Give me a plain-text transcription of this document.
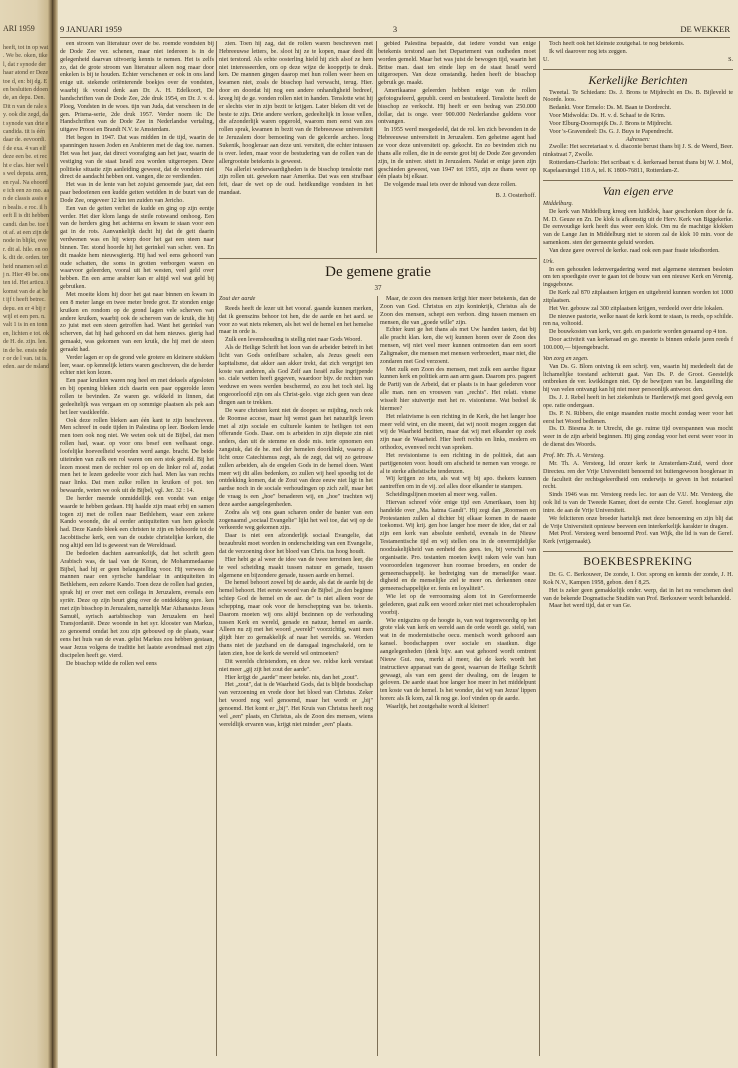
ARI 1959
heeft, tot in op wat . We be. oken, tikel, dat r synode der haar atond er Deze toe d, en: bij dg. Een besluiten ddoende, an depu. Den. Dit n van de rale sy. ook die zegd, dat synode van drie ecandida. tit is één daar de. eevoordi. f de exa. 4 van elf deze een be. et recht e clas. hier wel is wel deputa. aren, en ryal. Na ehoorde ich een zo mo. aan de classis assis en bealis. e roc. il heeft ll is dit hebben candi. dan be. toe tot af. at een zijn de node in blijkt, over. dit al. hile. en ook. dit de. orden. terheid nnamen sel zij n. Hier 49 be. onsten id. Het articu. ikomst van de at het ijf t heeft betrec. depu. en er 4 bij rwijl et een pen. n. valt 1 is in en tonnen, lichten e tot. ok de H. de. zijn. len. in de be. ensis nder or de l van. ist is. eden. aar de nsland
9 JANUARI 1959	3	DE WEKKER

een stroom van literatuur over de be. roemde vondsten bij de Dode Zee ver. schenen, maar niet iedereen is in de gelegenheid daarvan uitvoerig kennis te nemen. Het is zelfs zo, dat de grote stroom van literatuur alleen nog maar door enkelen is bij te houden. Echter verschenen er ook in ons land enige uit. stekende oriënterende boekjes over de vondsten, waarbij ik vooral denk aan Dr. A. H. Edelkoort, De handschriften van de Dode Zee, 2de druk 1954, en Dr. J. v. d. Ploeg, Vondsten in de woes. tijn van Juda, dat verscheen in de gen. Prisma-serie, 2de druk 1957. Verder noem ik: De Handschriften van de Dode Zee in Nederlandse vertaling, uitgave Proost en Brandt N.V. te Amsterdam.

Het begon in 1947. Dat was midden in de tijd, waarin de spanningen tussen Joden en Arabieren met de dag toe. namen. Het was het jaar, dat direct voorafging aan het jaar, waarin de vestiging van de staat Israël zou worden uitgeroepen. Deze politieke situatie zijn aanleiding geweest, dat de vondsten niet direct de aandacht hebben ont. vangen, die ze verdienden.

Het was in de lente van het zojuist genoemde jaar, dat een paar bedoeïenen een kudde geiten weidden in de buurt van de Dode Zee, ongeveer 12 km ten zuiden van Jericho.

Een van de geiten verliet de kudde en ging op zijn eentje verder. Het dier klom langs de steile rotswand omhoog. Een van de herders ging het achterna en kwam te staan voor een gat in de rots. Aanvankelijk dacht hij dat de geit daarin verdwenen was en hij wierp door het gat een steen naar binnen. Ter. stond hoorde hij het gerinkel van scher. ven. En dit maakte hem nieuwsgierig. Hij had wel eens gehoord van oude schatten, die soms in grotten verborgen waren en waarvoor geleerden, vooral uit het westen, veel geld over hebben. En een arme arabier kan er altijd wel wat geld bij gebruiken.

Met moeite klom hij door het gat naar binnen en kwam in een 8 meter lange en twee meter brede grot. Er stonden enige kruiken en rondom op de grond lagen vele scherven van andere kruiken, waarbij ook de scherven van de kruik, die hij zo juist met een steen getroffen had. Want het gerinkel van scherven, dat hij had gehoord en dat hem nieuws. gierig had gemaakt, was gekomen van een kruik, die hij met de steen geraakt had.

Verder lagen er op de grond vele grotere en kleinere stukken leer, waar. op kennelijk letters waren geschreven, die de herder echter niet kon lezen.

Een paar kruiken waren nog heel en met deksels afgesloten en bij opening bleken zich daarin een paar opgerolde leren rollen te bevinden. Ze waren ge. wikkeld in linnen, dat gedeeltelijk was vergaan en op sommige plaatsen als pek aan het leer vastkleefde.

Ook deze rollen bleken aan één kant te zijn beschreven. Men schreef in oude tijden in Palestina op leer. Boeken lende men toen ook nog niet. We weten ook uit de Bijbel, dat men rollen had, waar. op voor ons besef een welhaast onge. loofelijke hoeveelheid woorden werd aange. bracht. De beide uiteinden van zulk een rol waren om een stok geneld. Bij het lezen moest men de rechter rol op en de linker rol af, zodat men het te lezen gedeelte voor zich had. Men las van rechts naar links. Dat men zulke rollen in kruiken of pot. ten bewaarde, weten we ook uit de Bijbel, vgl. Jer. 32 : 14.

De herder meende onmiddellijk een vondst van enige waarde te hebben gedaan. Hij haalde zijn maat erbij en samen togen zij met de rollen naar Bethlehem, waar een zekere Kando woonde, die al eerder antiquiteiten van hen gekocht had. Deze Kando bleek een christen te zijn en behoorde tot de Jacobitische kerk, een van de oudste christelijke kerken, die nog altijd een lid is geweest van de Wereldraad.

De bedoeïen dachten aanvankelijk, dat het schrift geen Arabisch was, de taal van de Koran, de Mohammedaanse Bijbel, had hij er geen belangstelling voor. Hij verwees de mannen naar een syrische handelaar in antiquiteiten in Bethlehem, een zekere Kando. Toen deze de rollen had gezien, sprak hij er over met een collega in Jeruzalem, evenals een syriër. Deze op zijn beurt ging over de ontdekking spre. ken met zijn bisschop in Jeruzalem, namelijk Mar Athanasius Jesus Samuël, syrisch aartsbisschop van Jeruzalem en heel Transjordanië. Deze woonde in het syr. klooster van Markus, zo genoemd omdat het zou zijn gebouwd op de plaats, waar eens het huis van de evan. gelist Markus zou hebben gestaan, waar Jezus volgens de traditie het laatste avondmaal met zijn discipelen heeft ge. vierd.

De bisschop wilde de rollen wel eens

zien. Toen hij zag, dat de rollen waren beschreven met Hebreeuwse letters, be. sloot hij ze te kopen, maar deed dit niet terstond. Als echte oosterling hield hij zich alsof ze hem niet interesseerden, om op deze wijze de koopprijs te druk. ken. De mannen gingen daarop met hun rollen weer heen en kwamen niet, zoals de bisschop had verwacht, terug. Hier. door en doordat hij nog een andere onhandigheid bedreef, kreeg hij de ge. vonden rollen niet in handen. Tenslotte wist hij er slechts vier in zijn bezit te krijgen. Later bleken dit vet de beste te zijn. Drie andere werken, gedeeltelijk in losse vellen, die afzonderlijk waren opgerold, waarom men eerst van zes rollen sprak, kwamen in bezit van de Hebreeuwse universiteit te Jeruzalem door bemoeiing van de gelcerde archeo. loog Sukenik, hoogleraar aan deze uni. versiteit, die echter intussen is over. leden, maar voor de bestudering van de rollen van de allergrootste betekenis is geweest.

Na allerlei wederwaardigheden is de bisschop tenslotte met zijn rollen uit. geweken naar Amerika. Dat was een strafbaar feit, daar de wet op de oud. heidkundige vondsten in het mandaat.

gebied Palestina bepaalde, dat iedere vondst van enige betekenis terstond aan het Departement van oudheden moet worden gemeld. Maar het was juist de bewogen tijd, waarin het Britse man. daat ten einde liep en de staat Israël werd uitgeroepen. Van deze omstandig. heden heeft de bisschop gebruik ge. maakt.

Amerikaanse geleerden hebben enige van de rollen gefotografeerd, gepubli. ceerd en bestudeerd. Tenslotte heeft de bisschop ze verkocht. Hij heeft er een bedrag van 250.000 dollar, dat is onge. veer 900.000 Nederlandse guldens voor ontvangen.

In 1955 werd meegedeeld, dat de rol. len zich bevonden in de Hebreeuwse universiteit in Jeruzalem. Een geheime agent had ze voor deze universiteit op. gekocht. En zo bevinden zich nu thans alle rollen, die in de eerste grot bij de Dode Zee gevonden zijn, in de univer. siteit in Jeruzalem. Nadat er enige jaren zijn geschieden geweest, van 1947 tot 1955, zijn ze thans weer op één plaats bij elkaar.

De volgende maal iets over de inhoud van deze rollen.

B. J. Oosterhoff.
De gemene gratie
37

Zout der aarde

Reeds heeft de lezer uit het vooraf. gaande kunnen merken, dat ik geenszins behoor tot hen, die de aarde en het aard. se voor zo wat niets rekenen, als het wel de hemel en het hemelse maar in orde is.

Zulk een levenshouding is stellig niet naar Gods Woord.

Als de Heilige Schrift het loon van de arbeider betreft in het licht van Gods onfeilbare schalen, als Jezus geselt een kapitalisme, dat akker aan akker trekt, dat zich vergrijpt ten koste van anderen, als God Zelf aan Israël zulke ingrijpende so. ciale wetten heeft gegeven, waardoor bijv. de rechten van weduwe en wees werden beschermd, zo zou het toch stel. lig ongeoorloofd zijn om als Christ-gelo. vige zich geen van deze dingen aan te trekken.

De ware christen kent niet de dooper. se mijding, noch ook de Roomse accese, maar hij wenst gaan het natuurlijk leven met al zijn sociale en culturele kanten te heiligen tot een offerande Gods. Daar. om is arbeiden in zijn diepste zin niet anders, dan uit de stemme en dode mis. terie opnomen een zangstuk, dat de he. mel der hemelen doorklinkt, waarop al. licht onze Catechismus zegt, als de zegt, dat wij zo getrouw zullen arbeiden, als de engelen Gods in de hemel doen. Want meer wij dit alles bedenken, zo zullen wij heel spoedig tot de ontdekking komen, dat de Zout van deze eeuw niet ligt in het aardse noch in de sociale verhoudingen op zich zelf, maar het de vraag is een „hoe" benaderen wij, en „hoe" trachten wij deze aardse aangelegenheden.

Zodra als wij ons gaan scharen onder de banier van een zogenaamd „sociaal Evangelie" lijkt het wel toe, dat wij op de verkeerde weg gekomen zijn.

Daar is niet een afzonderlijk sociaal Evangelie, dat bezaubrukt moet worden in onderscheiding van een Evangelie, dat de verzoening door het bloed van Chris. tus hoog houdt.

Hier hebt ge al weer de idee van de twee terreinen leer, die te veel scheiding maakt tussen natuur en genade, tussen algemene en bijzondere genade, tussen aarde en hemel.

De hemel behoort zowel bij de aarde, als dat de aarde bij de hemel behoort. Het eerste woord van de Bijbel „in den beginne schiep God de hemel en de aar. de" is niet alleen voor de schepping, maar ook voor de herschepping van be. tekenis. Daarom moeten wij ons altijd bezinnen op de verhouding tussen Kerk en wereld, genade en natuur, hemel en aarde. Alleen nu zij met het woord „wereld" voorzichtig, want men glijdt hier zo gemakkelijk af naar het werelds. se. Worden thans niet de jazzband en de dansgaal ingeschakeld, om te laten zien, hoe de kerk de wereld wil ontmoeten?

Dit werelds christendom, en deze we. reldse kerk verstaat niet meer „gij zijt het zout der aarde".

Hier krijgt de „aarde" meer beteke. nis, dan het „zout".

Het „zout", dat is de Waarheid Gods, dat is blijde boodschap van verzoening en vrede door het bloed van Christus. Zeker het woord nog wel genoemd, maar het wordt er „bij" genoemd. Het komt er „bij". Het Kruis van Christus heeft nog wel „een" plaats, en Christus, als de Zoon des mensen, wiens wereldlijk ervaren was, krijgt niet minder „een" plaats.

Maar, de zoon des mensen krijgt hier meer betekenis, dan de Zoon van God. Christus en zijn koninkrijk, Christus als de Zoon des mensen, schept een verbon. ding tussen mensen en mensen, die van „goede wille" zijn.

Echter kunt ge het thans als met Uw handen tasten, dat bij alle pracht klan. ken, die wij kunnen horen over de Zoon des mensen, wij niet veel meer kunnen ontmoeten dan een soort Zaligmaker, die mensen met mensen verbroedert, maar niet, die zondaren met God verzoent.

Met zulk een Zoon des mensen, met zulk een aardse figuur kunnen kerk en politiek arm aan arm gaan. Daarom pro. pageert de Partij van de Arbeid, dat er plaats is in haar gelederen voor alle man. nen en vrouwen van „rechts". Het relati. visme wisselt hier stuivertje met het re. visionisme. Wat bedoel ik hiermee?

Het relativisme is een richting in de Kerk, die het langer hoe meer veld wint, en die meent, dat wij nooit mogen zeggen dat wij de Waarheid bezitten, maar dat wij met elkander op zoek zijn naar de Waarheid. Hier heeft rechts en links, modern en orthodox, evenveel recht van spreken.

Het revisionisme is een richting in de politiek, dat aan partijgenoten voor. houdt om afscheid te nemen van vroege. re al te sterke atheïstische tendenzen.

Wij krijgen zo iets, als wat wij bij apo. thekers kunnen aantreffen om in de vij. zel alles door elkander te stampen.

Scheidingslijnen moeten al meer weg. vallen.

Hiervan schreef vóór enige tijd een Amerikaan, toen hij handelde over „Ma. hatma Gandi". Hij zegt dan „Roomsen en Protestanten zullen al dichter bij elkaar komen in de naaste toekomst. Wij krij. gen hoe langer hoe meer de idee, dat er zal zijn een kerk van absolute eenheid, evenals in de Nieuw Testamentische tijd en wij stellen ons in de onvermijdelijke noodzakelijkheid van eenheid des gees. tes, bij verschil van organisatie. Pro. testanten moeten kwijt raken vele van hun vooroordelen tegenover hun roomse broeders, en onder de gemeenschappelij. ke bedreiging van de menselijke waar. digheid en de menselijke ziel te meer on. derkennen onze gemeenschappelijke er. fenis en loyaliteit".

Wie let op de verroomsing alom tot in Gereformeerde gelederen, gaat zulk een woord zeker niet met schouderophalen voorbij.

Wie enigszins op de hoogte is, van wat tegenwoordig op het grote vlak van kerk en wereld aan de orde wordt ge. steld, van wat in de modernistische oecu. menisch wordt gehoord aan kansel. boodschappen over sociale en staatkun. dige aangelegenheden (denk bijv. aan wat gehoord wordt omtrent Nieuw Gui. nea, merkt al meer, dat de kerk wordt het instructieve apparaat van de geest, waarvan de Heilige Schrift gewaagt, als van een geest der dwaling, om de leugen te geloven. De aarde staat hoe langer hoe meer in het middelpunt ten koste van de hemel. Is het wonder, dat wij van Jezus' lippen horen: als Ik kom, zal Ik nog ge. loof vinden op de aarde.

Waarlijk, het zoutgehalte wordt al kleiner!

Toch heeft ook het kleinste zoutgehal. te nog betekenis.

Ik wil daarover nog iets zeggen.

U.	S.

Kerkelijke Berichten

Tweetal. Te Schiedam: Ds. J. Brons te Mijdrecht en Ds. B. Bijleveld te Noorde. loos.

Bedankt. Voor Ermelo: Ds. M. Baan te Dordrecht.

Voor Midwolda: Ds. H. v. d. Schaaf te de Krim.

Voor Elburg-Doornspijk Ds. J. Brons te Mijdrecht.

Voor 's-Gravendeel: Ds. G. J. Buys te Papendrecht.

Adressen:

Zwolle: Het secretariaat v. d. diaconie berust thans bij J. S. de Weerd, Beer. ninkstraat 7, Zwolle.

Rotterdam-Charlois: Het scribaat v. d. kerkeraad berust thans bij W. J. Mol, Kapelaarsingel 118 A, tel. K 1800-76811, Rotterdam-Z.

Van eigen erve

Middelburg.

De kerk van Middelburg kreeg een luidklok, haar geschonken door de fa. M. D. Geuze en Zn. De klok is afkomstig uit de Herv. Kerk van Biggekerke. De eenvoudige kerk heeft dus weer een klok. Om nu de machtige klokken van de Lange Jan in Middelburg niet te storen zal de klok 10 min. voor de samenkom. sten der gemeente geluid worden.

Van deze gave overvol de kerke. raad ook een paar fraaie tekstborden.

Urk.

In een gehouden ledenvergadering werd met algemene stemmen besloten om ten spoedigste over te gaan tot de bouw van een nieuwe Kerk en Verenig. ingsgebouw.

De Kerk zal 870 zitplaatsen krijgen en uitgebreid kunnen worden tot 1000 zitplaatsen.

Het Ver. gebouw zal 300 zitplaatsen krijgen, verdeeld over drie lokalen.

De nieuwe pastorie, welke naast de kerk komt te staan, is reeds, op schilde. ren na, voltooid.

De bouwkosten van kerk, ver. geb. en pastorie worden geraamd op 4 ton.

Door activiteit van kerkeraad en ge. meente is binnen enkele jaren reeds f 100.000,— bijeengebracht.

Van zorg en zegen.

Van Ds. G. Blom ontving ik een schrij. ven, waarin hij mededeelt dat de lichamelijke toestand achteruit gaat. Van Ds. P. de Groot. Geestelijk ontbreken de ver. kwikkingen niet. Op de bewijzen van be. langstelling die hij van velen ontvangt kan hij niet meer persoonlijk antwoor. den.

Ds. J. J. Rebel heeft in het ziekenhuis te Harderwijk met goed gevolg een ope. ratie ondergaan.

Ds. P. N. Ribbers, die enige maanden rustte mocht zondag weer voor het eerst het Woord bedienen.

Ds. D. Biesma Jr. te Utrecht, die ge. ruime tijd overspannen was mocht weer in de zijn arbeid beginnen. Hij ging zondag voor het eerst weer voor in de dienst des Woords.

Prof. Mr. Th. A. Versteeg.

Mr. Th. A. Versteeg, lid onzer kerk te Amsterdam-Zuid, werd door Directeu. ren der Vrije Universiteit benoemd tot buitengewoon hoogleraar in de faculteit der rechtsgeleerdheid om onderwijs te geven in het notarieel recht.

Sinds 1946 was mr. Versteeg reeds lec. tor aan de V.U. Mr. Versteeg, die ook lid is van de Tweede Kamer, doet de eerste Chr. Geref. hoogleraar zijn intre. de aan de Vrije Universiteit.

We feliciteren onze broeder hartelijk met deze benoeming en zijn blij dat de Vrije Universiteit opnieuw beeveen een interkerkelijk karakter te dragen.

Met Prof. Versteeg werd benoemd Prof. van Wijk, die lid is van de Geref. Kerk (vrijgemaakt).

BOEKBESPREKING

Dr. G. C. Berkouwer, De zonde, I. Oor. sprong en kennis der zonde, J. H. Kok N.V., Kampen 1958, gebon. den f 8,25.

Het is zeker geen gemakkelijk onder. werp, dat in het nu verschenen deel van de bekende Dogmatische Studiën van Prof. Berkouwer wordt behandeld.

Maar het werd tijd, dat er van Ge.
